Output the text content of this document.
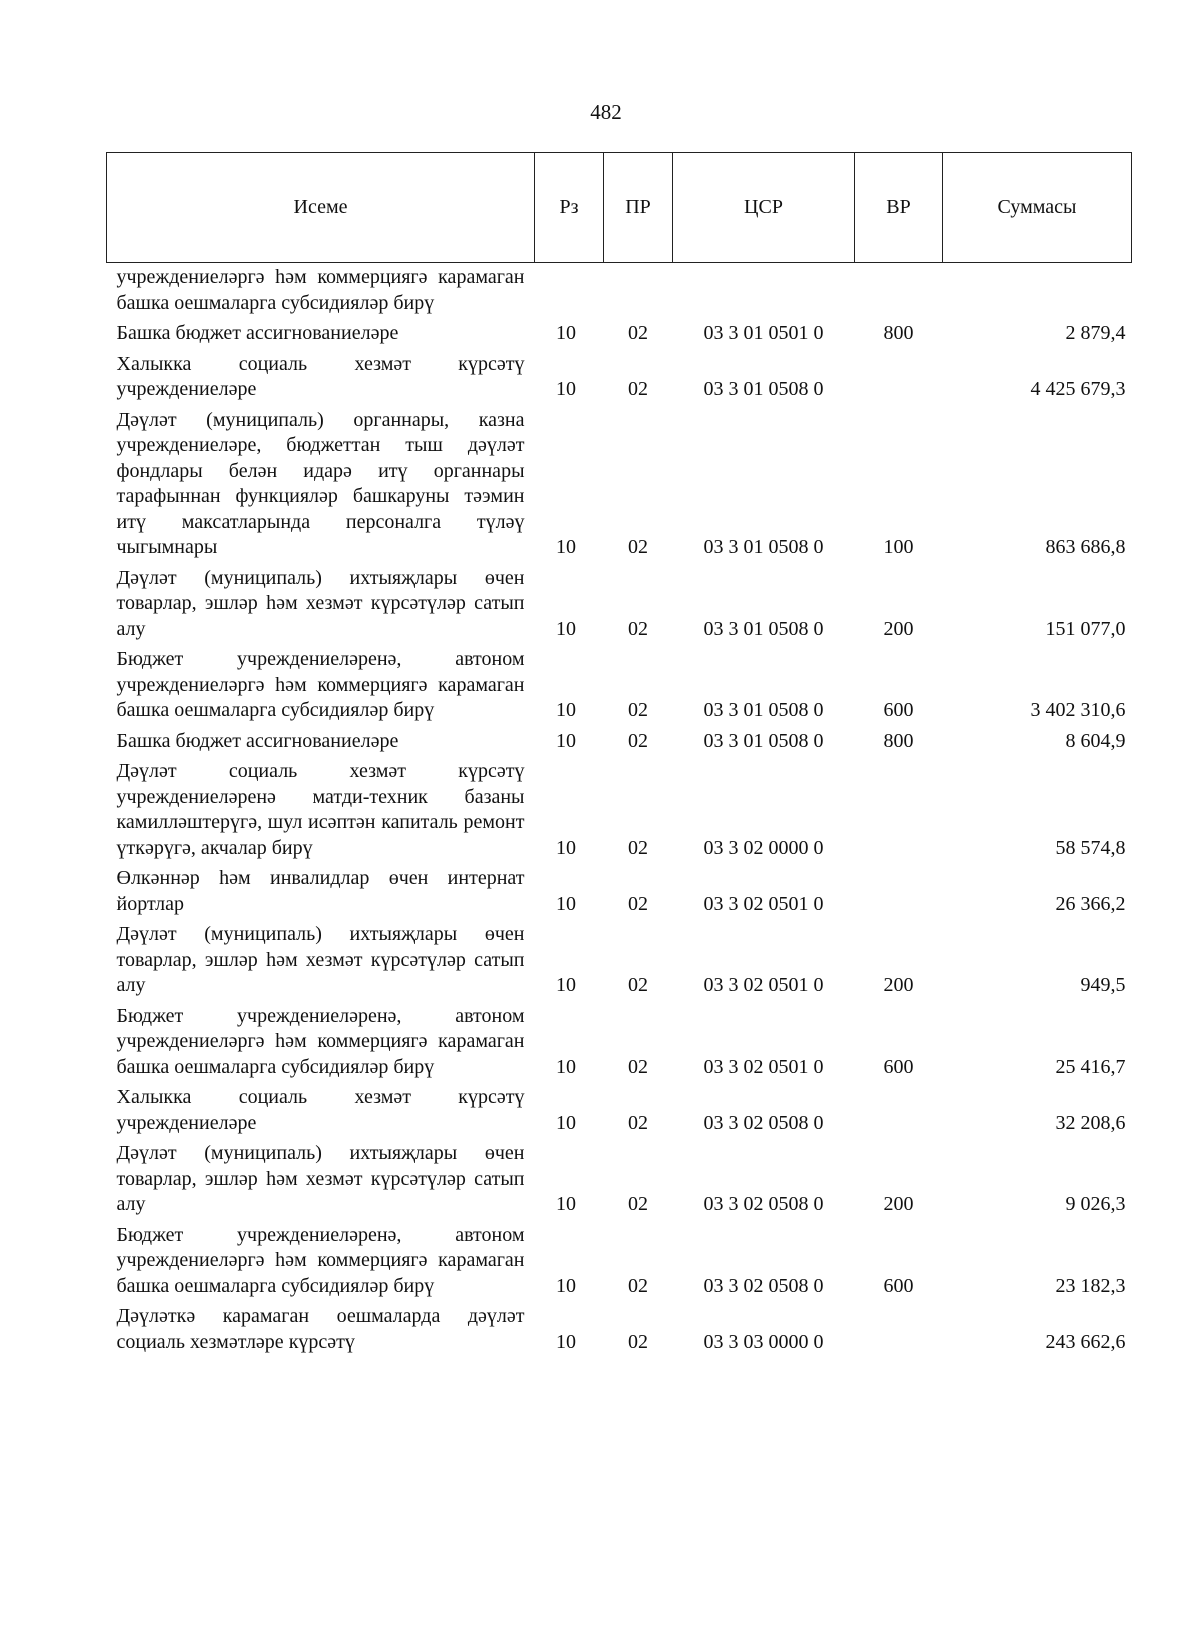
482
Исеме	Рз	ПР	ЦСР	ВР	Суммасы
учреждениеләргә һәм коммерциягә карамаган башка оешмаларга субсидияләр бирү					
Башка бюджет ассигнованиеләре	10	02	03 3 01 0501 0	800	2 879,4
Халыкка социаль хезмәт күрсәтү учреждениеләре	10	02	03 3 01 0508 0		4 425 679,3
Дәүләт (муниципаль) органнары, казна учреждениеләре, бюджеттан тыш дәүләт фондлары белән идарә итү органнары тарафыннан функцияләр башкаруны тәэмин итү максатларында персоналга түләү чыгымнары	10	02	03 3 01 0508 0	100	863 686,8
Дәүләт (муниципаль) ихтыяҗлары өчен товарлар, эшләр һәм хезмәт күрсәтүләр сатып алу	10	02	03 3 01 0508 0	200	151 077,0
Бюджет учреждениеләренә, автоном учреждениеләргә һәм коммерциягә карамаган башка оешмаларга субсидияләр бирү	10	02	03 3 01 0508 0	600	3 402 310,6
Башка бюджет ассигнованиеләре	10	02	03 3 01 0508 0	800	8 604,9
Дәүләт социаль хезмәт күрсәтү учреждениеләренә матди-техник базаны камилләштерүгә, шул исәптән капиталь ремонт үткәрүгә, акчалар бирү	10	02	03 3 02 0000 0		58 574,8
Өлкәннәр һәм инвалидлар өчен интернат йортлар	10	02	03 3 02 0501 0		26 366,2
Дәүләт (муниципаль) ихтыяҗлары өчен товарлар, эшләр һәм хезмәт күрсәтүләр сатып алу	10	02	03 3 02 0501 0	200	949,5
Бюджет учреждениеләренә, автоном учреждениеләргә һәм коммерциягә карамаган башка оешмаларга субсидияләр бирү	10	02	03 3 02 0501 0	600	25 416,7
Халыкка социаль хезмәт күрсәтү учреждениеләре	10	02	03 3 02 0508 0		32 208,6
Дәүләт (муниципаль) ихтыяҗлары өчен товарлар, эшләр һәм хезмәт күрсәтүләр сатып алу	10	02	03 3 02 0508 0	200	9 026,3
Бюджет учреждениеләренә, автоном учреждениеләргә һәм коммерциягә карамаган башка оешмаларга субсидияләр бирү	10	02	03 3 02 0508 0	600	23 182,3
Дәүләткә карамаган оешмаларда дәүләт социаль хезмәтләре күрсәтү	10	02	03 3 03 0000 0		243 662,6
